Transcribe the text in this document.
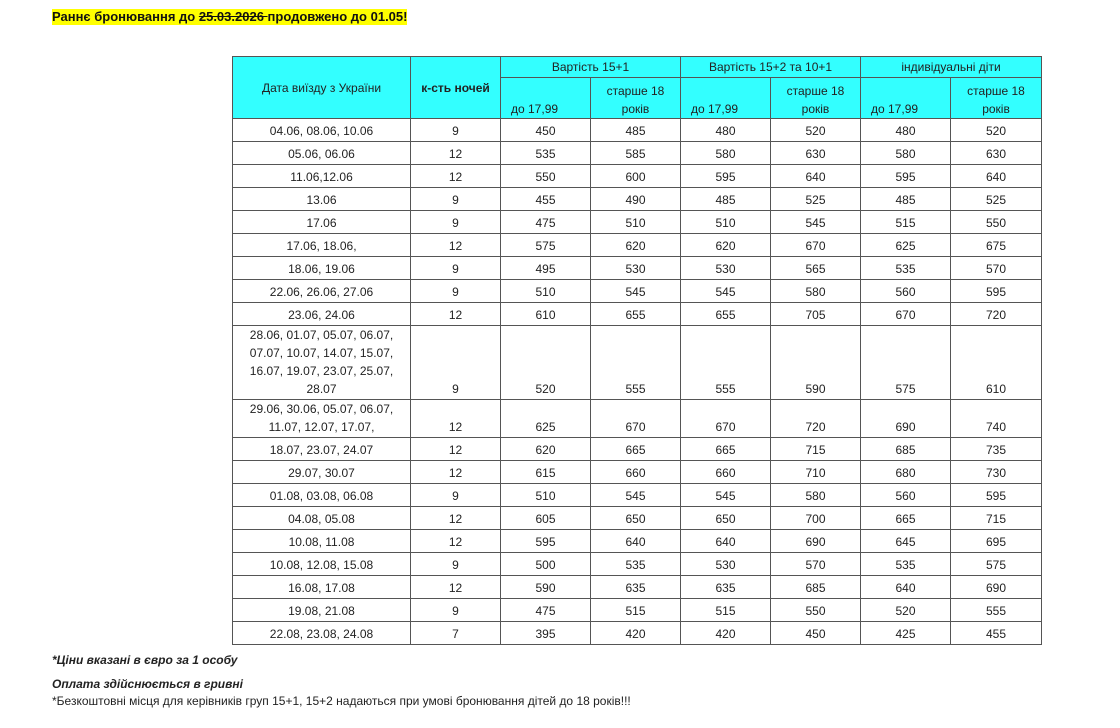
Раннє бронювання до 25.03.2026 продовжено до 01.05!
Дата виїзду з України	к-сть ночей	Вартість 15+1		Вартість 15+2 та 10+1		індивідуальні діти	
		до 17,99	старше 18 років	до 17,99	старше 18 років	до 17,99	старше 18 років
04.06, 08.06, 10.06	9	450	485	480	520	480	520
05.06, 06.06	12	535	585	580	630	580	630
11.06,12.06	12	550	600	595	640	595	640
13.06	9	455	490	485	525	485	525
17.06	9	475	510	510	545	515	550
17.06, 18.06,	12	575	620	620	670	625	675
18.06, 19.06	9	495	530	530	565	535	570
22.06, 26.06, 27.06	9	510	545	545	580	560	595
23.06, 24.06	12	610	655	655	705	670	720
28.06, 01.07, 05.07, 06.07, 07.07, 10.07, 14.07, 15.07, 16.07, 19.07, 23.07, 25.07, 28.07	9	520	555	555	590	575	610
29.06, 30.06, 05.07, 06.07, 11.07, 12.07, 17.07,	12	625	670	670	720	690	740
18.07, 23.07, 24.07	12	620	665	665	715	685	735
29.07, 30.07	12	615	660	660	710	680	730
01.08, 03.08, 06.08	9	510	545	545	580	560	595
04.08, 05.08	12	605	650	650	700	665	715
10.08, 11.08	12	595	640	640	690	645	695
10.08, 12.08, 15.08	9	500	535	530	570	535	575
16.08, 17.08	12	590	635	635	685	640	690
19.08, 21.08	9	475	515	515	550	520	555
22.08, 23.08, 24.08	7	395	420	420	450	425	455
*Ціни вказані в євро за 1 особу
Оплата здійснюється в гривні
*Безкоштовні місця для керівників груп 15+1, 15+2 надаються при умові бронювання дітей до 18 років!!!
